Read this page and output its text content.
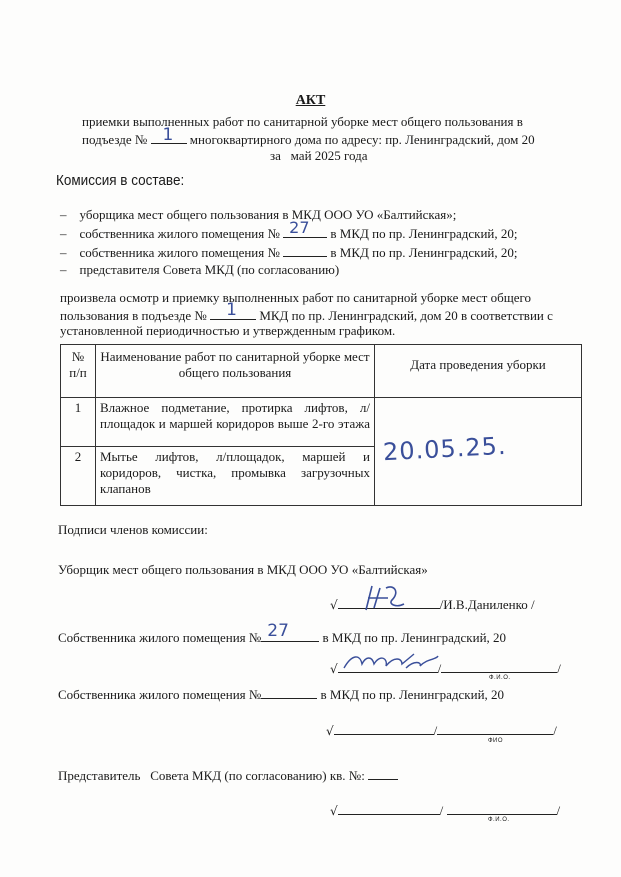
АКТ
приемки выполненных работ по санитарной уборке мест общего пользования в
подъезде № 1 многоквартирного дома по адресу: пр. Ленинградский, дом 20
за   май 2025 года
Комиссия в составе:
– уборщика мест общего пользования в МКД ООО УО «Балтийская»;
– собственника жилого помещения № 27 в МКД по пр. Ленинградский, 20;
– собственника жилого помещения №	в МКД по пр. Ленинградский, 20;
– представителя Совета МКД (по согласованию)
произвела осмотр и приемку выполненных работ по санитарной уборке мест общего
пользования в подъезде № 1 МКД по пр. Ленинградский, дом 20 в соответствии с
установленной периодичностью и утвержденным графиком.
№ п/п	Наименование работ по санитарной уборке мест общего пользования	Дата проведения уборки
1	Влажное подметание, протирка лифтов, л/площадок и маршей коридоров выше 2-го этажа	20.05.25.

2	Мытье лифтов, л/площадок, маршей и коридоров, чистка, промывка загрузочных клапанов	
Подписи членов комиссии:
Уборщик мест общего пользования в МКД ООО УО «Балтийская»
√	/И.В.Даниленко /
Собственника жилого помещения № 27	в МКД по пр. Ленинградский, 20
√	/	/
Ф.И.О.
Собственника жилого помещения №	в МКД по пр. Ленинградский, 20
√	/	/
ФИО
Представитель   Совета МКД (по согласованию) кв. №:
√	/	/
Ф.И.О.
